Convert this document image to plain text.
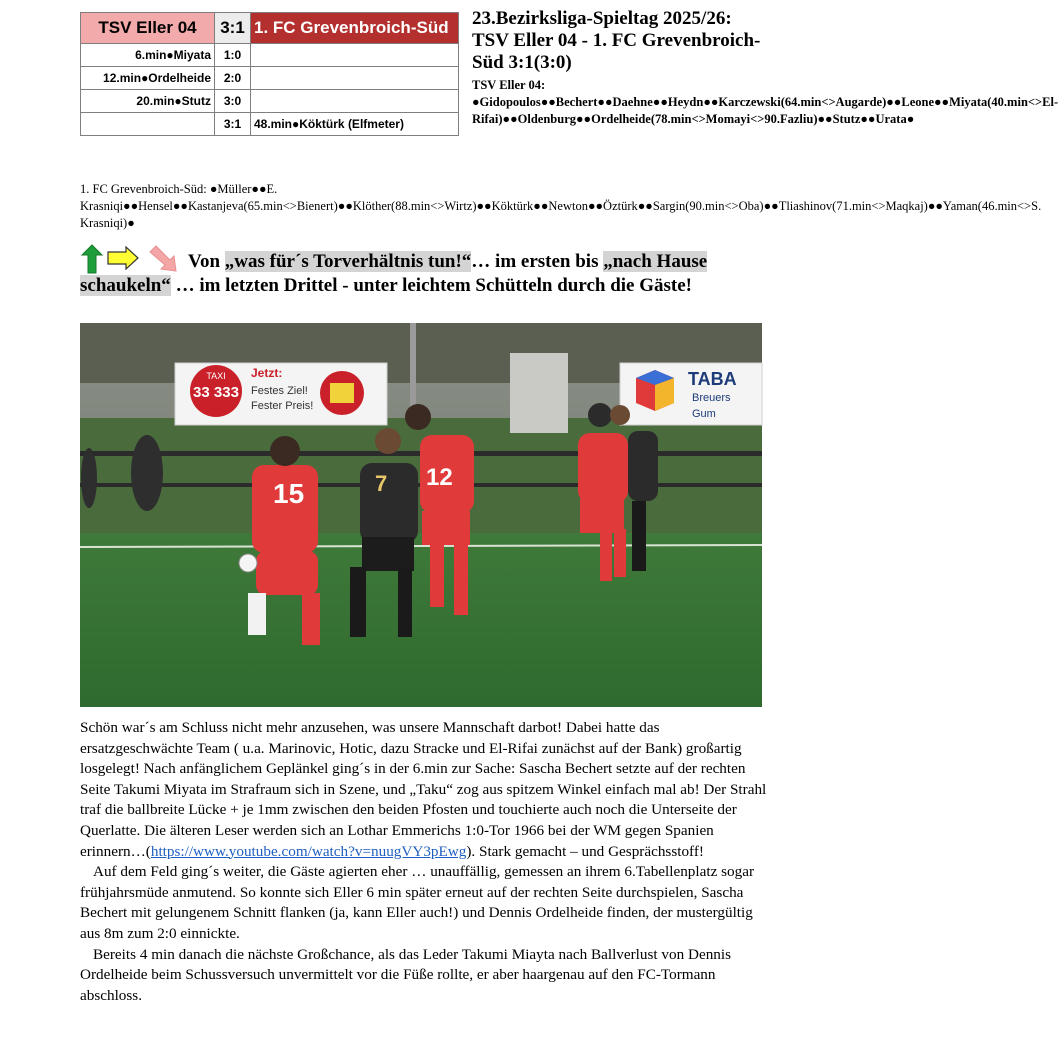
TSV Eller 04	3:1	1. FC Grevenbroich-Süd
6.min●Miyata	1:0	
12.min●Ordelheide	2:0	
20.min●Stutz	3:0	
	3:1	48.min●Köktürk (Elfmeter)
23.Bezirksliga-Spieltag 2025/26: TSV Eller 04 - 1. FC Grevenbroich-Süd 3:1(3:0)
TSV Eller 04: ●Gidopoulos●●Bechert●●Daehne●●Heydn●●Karczewski(64.min<>Augarde)●●Leone●●Miyata(40.min<>El-Rifai)●●Oldenburg●●Ordelheide(78.min<>Momayi<>90.Fazliu)●●Stutz●●Urata●
1. FC Grevenbroich-Süd: ●Müller●●E. Krasniqi●●Hensel●●Kastanjeva(65.min<>Bienert)●●Klöther(88.min<>Wirtz)●●Köktürk●●Newton●●Öztürk●●Sargin(90.min<>Oba)●●Tliashinov(71.min<>Maqkaj)●●Yaman(46.min<>S. Krasniqi)●
Von „was für´s Torverhältnis tun!“… im ersten bis „nach Hause schaukeln“ … im letzten Drittel - unter leichtem Schütteln durch die Gäste!
TAXI
33 333
Jetzt:
Festes Ziel!
Fester Preis!
TABA
Breuers
Gum
15	7 12

Schön war´s am Schluss nicht mehr anzusehen, was unsere Mannschaft darbot! Dabei hatte das ersatzgeschwächte Team ( u.a. Marinovic, Hotic, dazu Stracke und El-Rifai zunächst auf der Bank) großartig losgelegt! Nach anfänglichem Geplänkel ging´s in der 6.min zur Sache: Sascha Bechert setzte auf der rechten Seite Takumi Miyata im Strafraum sich in Szene, und „Taku“ zog aus spitzem Winkel einfach mal ab! Der Strahl traf die ballbreite Lücke + je 1mm zwischen den beiden Pfosten und touchierte auch noch die Unterseite der Querlatte. Die älteren Leser werden sich an Lothar Emmerichs 1:0-Tor 1966 bei der WM gegen Spanien erinnern…(https://www.youtube.com/watch?v=nuugVY3pEwg). Stark gemacht – und Gesprächsstoff!

Auf dem Feld ging´s weiter, die Gäste agierten eher … unauffällig, gemessen an ihrem 6.Tabellenplatz sogar frühjahrsmüde anmutend. So konnte sich Eller 6 min später erneut auf der rechten Seite durchspielen, Sascha Bechert mit gelungenem Schnitt flanken (ja, kann Eller auch!) und Dennis Ordelheide finden, der mustergültig aus 8m zum 2:0 einnickte.

Bereits 4 min danach die nächste Großchance, als das Leder Takumi Miayta nach Ballverlust von Dennis Ordelheide beim Schussversuch unvermittelt vor die Füße rollte, er aber haargenau auf den FC-Tormann abschloss.
